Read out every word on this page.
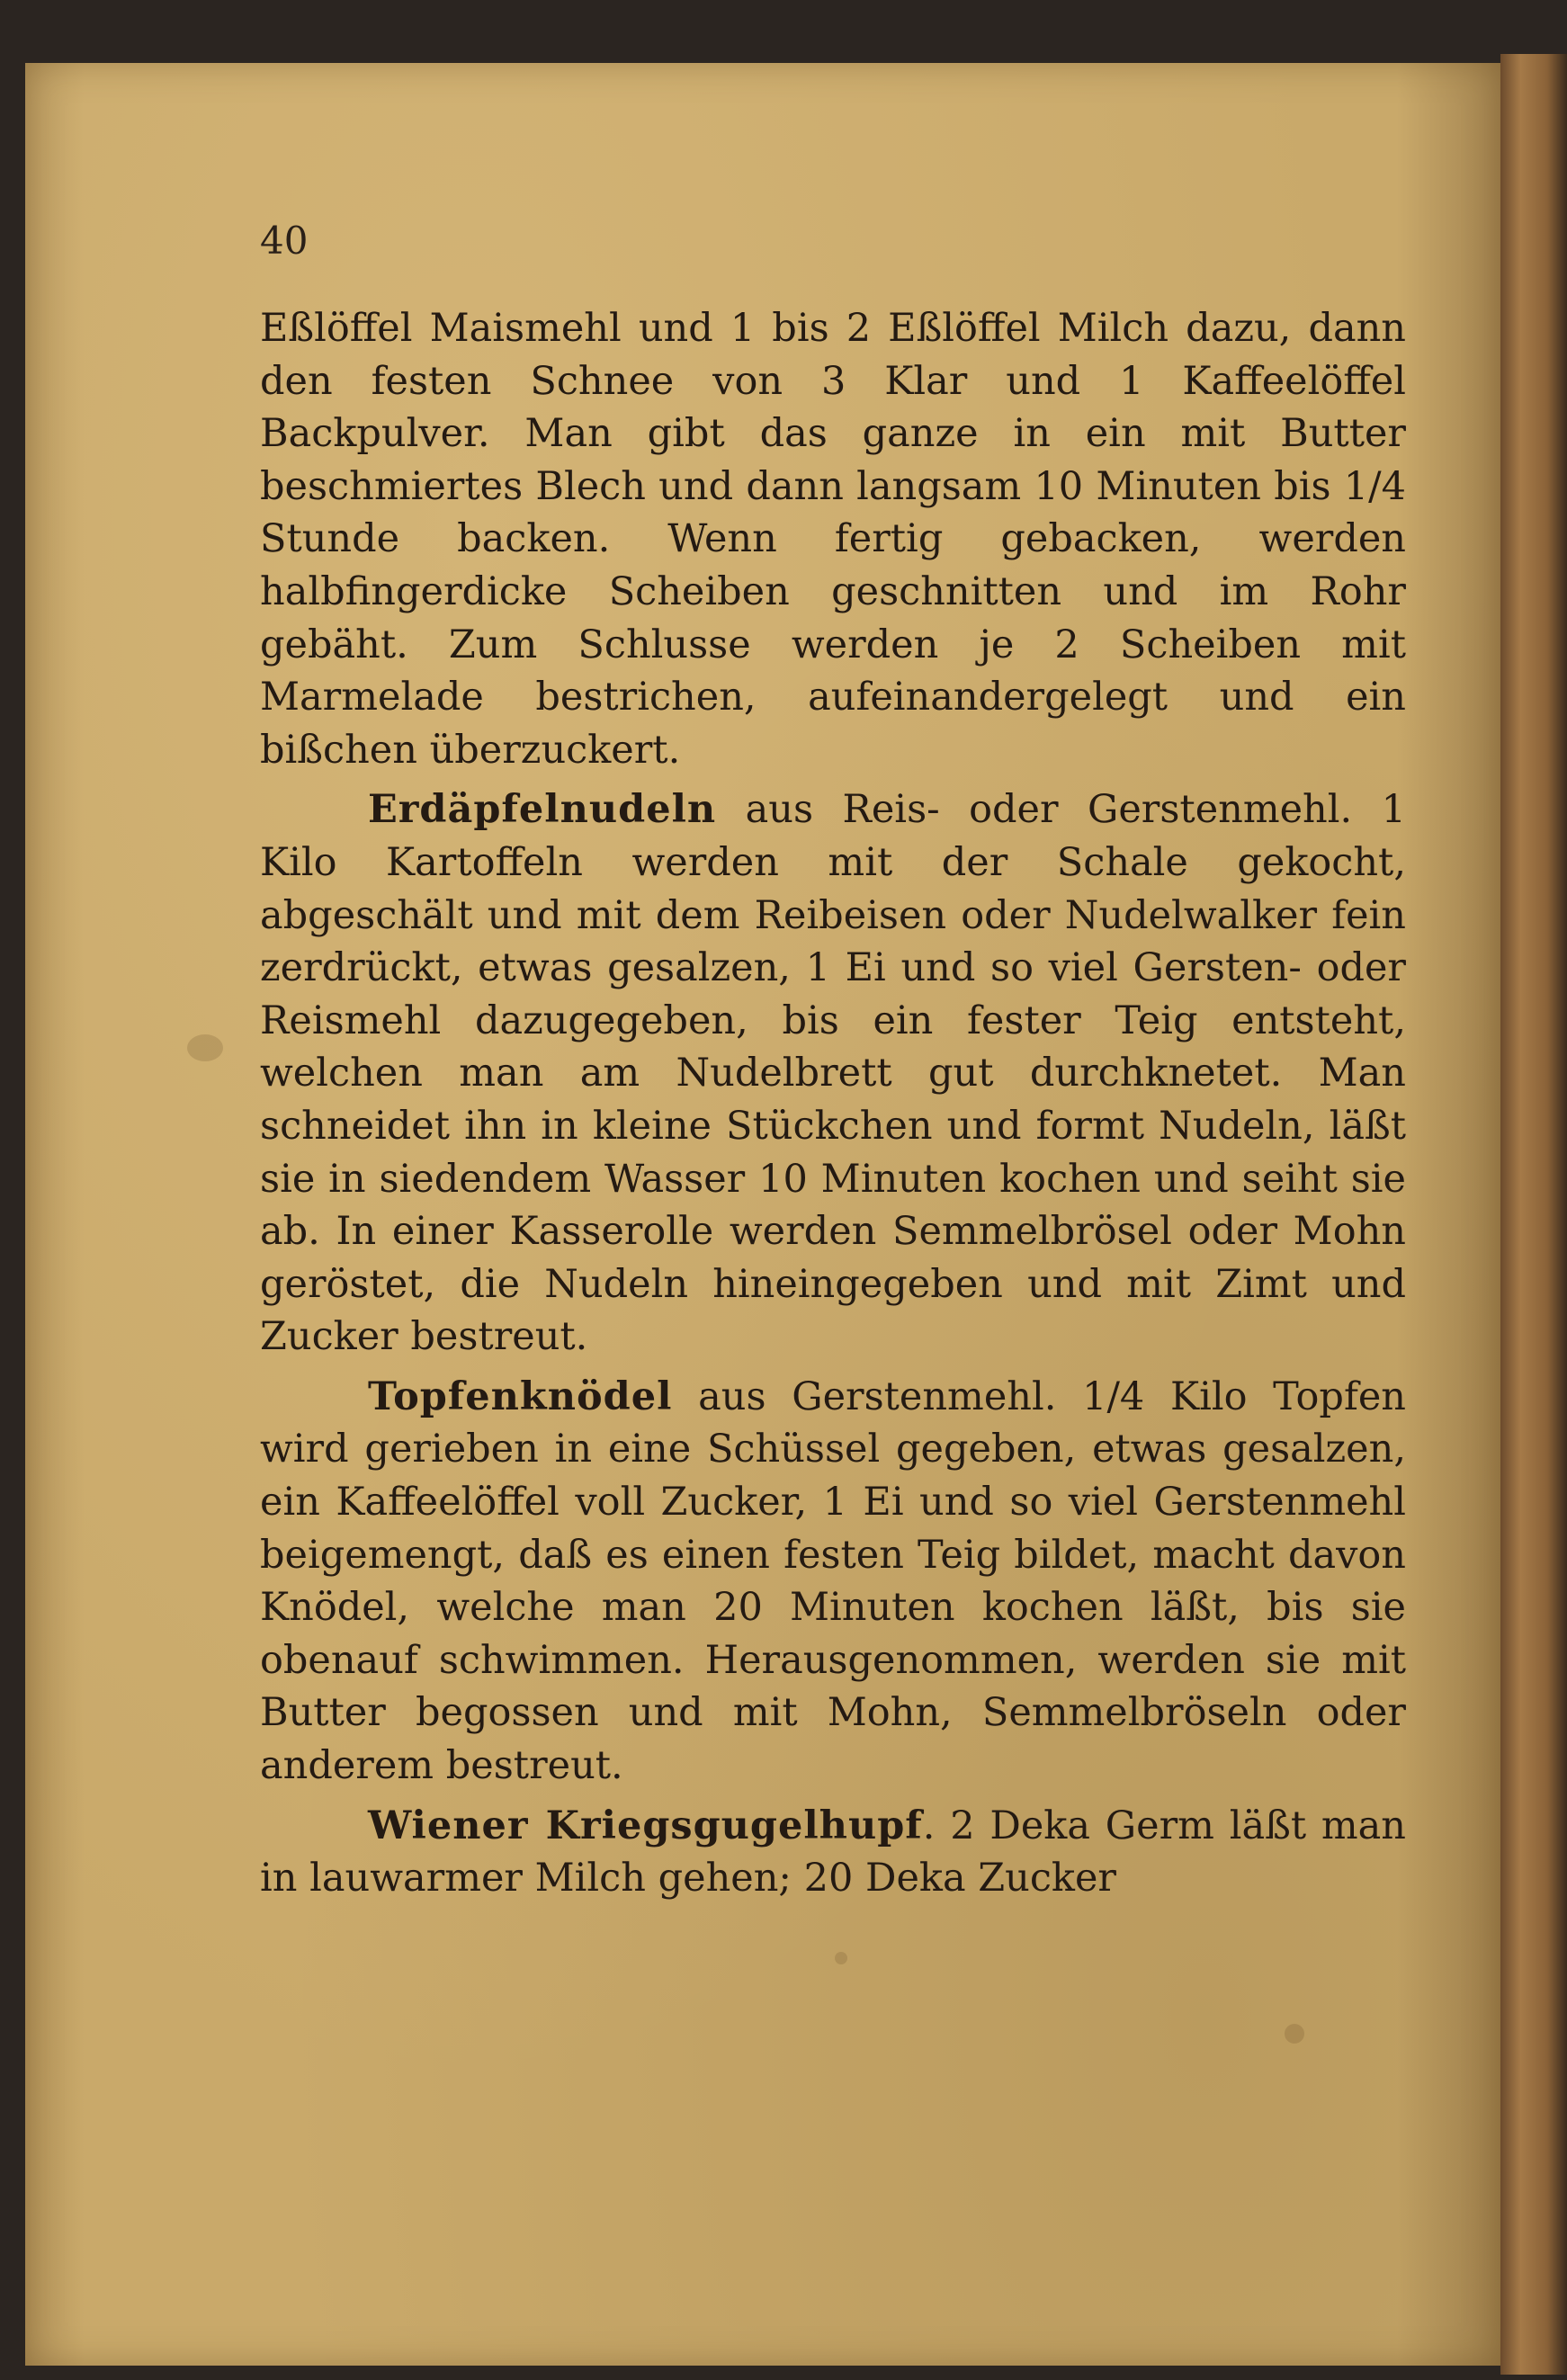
40

Eßlöffel Maismehl und 1 bis 2 Eßlöffel Milch dazu, dann den festen Schnee von 3 Klar und 1 Kaffeelöffel Backpulver. Man gibt das ganze in ein mit Butter beschmiertes Blech und dann langsam 10 Minuten bis 1/4 Stunde backen. Wenn fertig gebacken, werden halbfingerdicke Scheiben geschnitten und im Rohr gebäht. Zum Schlusse werden je 2 Scheiben mit Marmelade bestrichen, aufeinandergelegt und ein bißchen überzuckert.

Erdäpfelnudeln aus Reis- oder Gerstenmehl. 1 Kilo Kartoffeln werden mit der Schale gekocht, abgeschält und mit dem Reibeisen oder Nudelwalker fein zerdrückt, etwas gesalzen, 1 Ei und so viel Gersten- oder Reismehl dazugegeben, bis ein fester Teig entsteht, welchen man am Nudelbrett gut durchknetet. Man schneidet ihn in kleine Stückchen und formt Nudeln, läßt sie in siedendem Wasser 10 Minuten kochen und seiht sie ab. In einer Kasserolle werden Semmelbrösel oder Mohn geröstet, die Nudeln hineingegeben und mit Zimt und Zucker bestreut.

Topfenknödel aus Gerstenmehl. 1/4 Kilo Topfen wird gerieben in eine Schüssel gegeben, etwas gesalzen, ein Kaffeelöffel voll Zucker, 1 Ei und so viel Gerstenmehl beigemengt, daß es einen festen Teig bildet, macht davon Knödel, welche man 20 Minuten kochen läßt, bis sie obenauf schwimmen. Herausgenommen, werden sie mit Butter begossen und mit Mohn, Semmelbröseln oder anderem bestreut.

Wiener Kriegsgugelhupf. 2 Deka Germ läßt man in lauwarmer Milch gehen; 20 Deka Zucker
